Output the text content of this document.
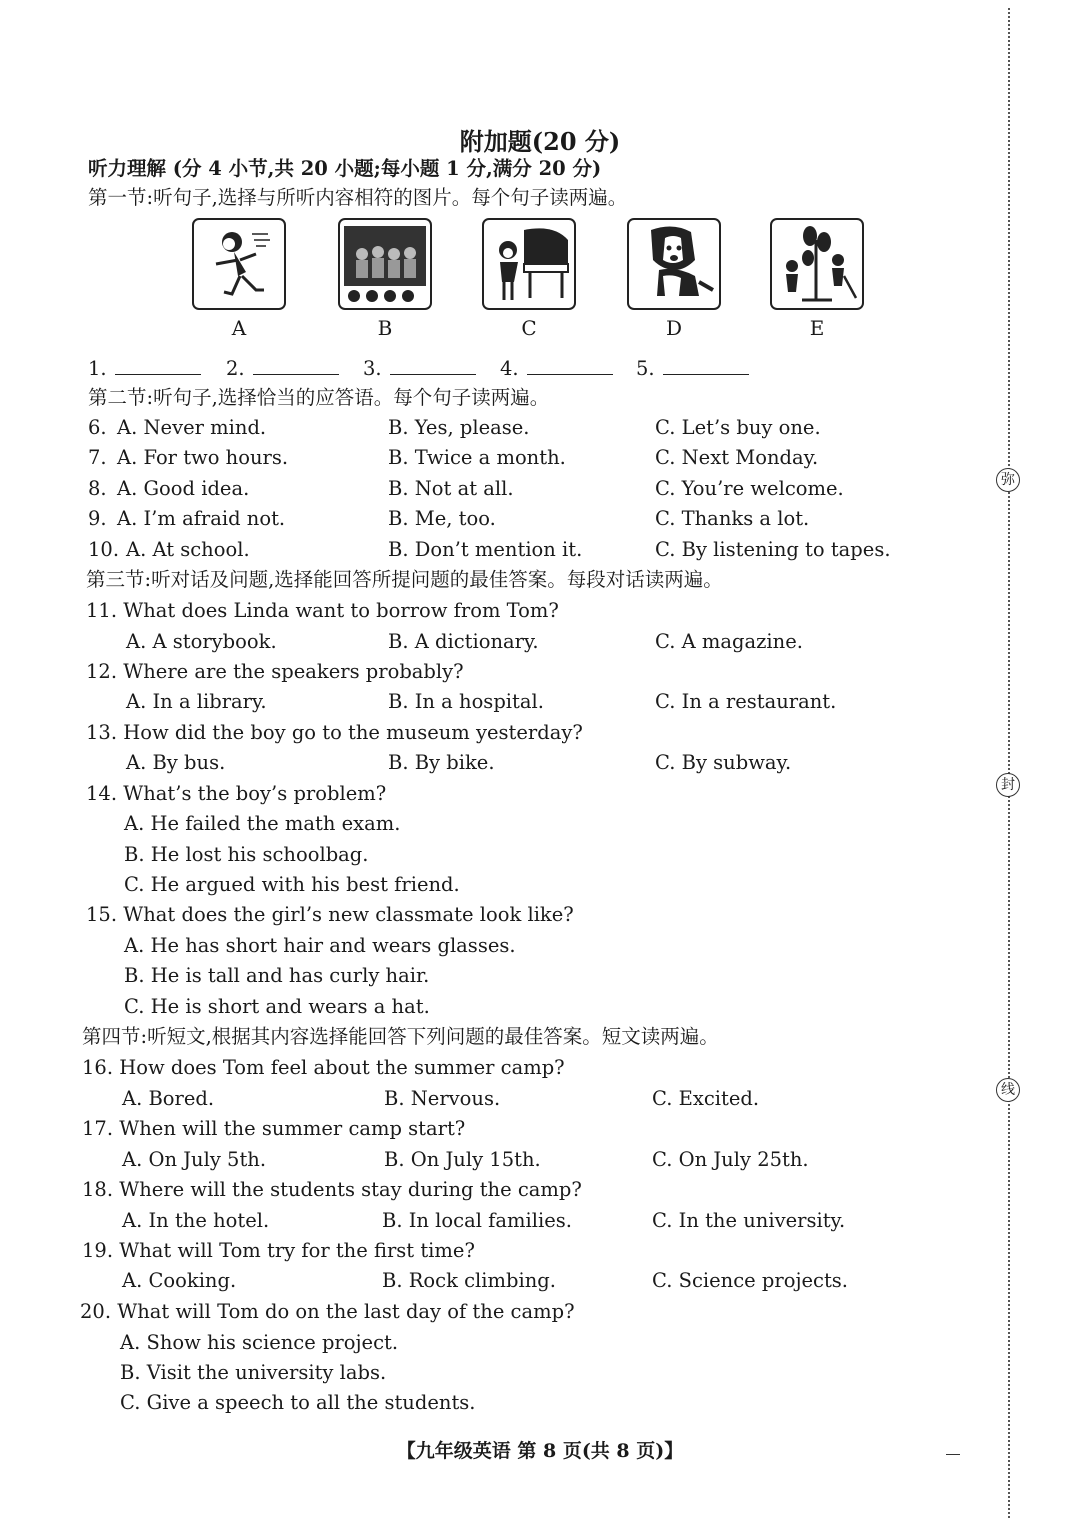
弥
封
线
附加题(20 分)
听力理解 (分 4 小节,共 20 小题;每小题 1 分,满分 20 分)
第一节:听句子,选择与所听内容相符的图片。每个句子读两遍。
A	B	C	D	E
1.	2.	3.	4.	5.
第二节:听句子,选择恰当的应答语。每个句子读两遍。
6. A. Never mind.	B. Yes, please.	C. Let’s buy one.
7. A. For two hours.	B. Twice a month.	C. Next Monday.
8. A. Good idea.	B. Not at all.	C. You’re welcome.
9. A. I’m afraid not.	B. Me, too.	C. Thanks a lot.
10. A. At school.	B. Don’t mention it.	C. By listening to tapes.
第三节:听对话及问题,选择能回答所提问题的最佳答案。每段对话读两遍。
11. What does Linda want to borrow from Tom?
A. A storybook.	B. A dictionary.	C. A magazine.
12. Where are the speakers probably?
A. In a library.	B. In a hospital.	C. In a restaurant.
13. How did the boy go to the museum yesterday?
A. By bus.	B. By bike.	C. By subway.
14. What’s the boy’s problem?
A. He failed the math exam.
B. He lost his schoolbag.
C. He argued with his best friend.
15. What does the girl’s new classmate look like?
A. He has short hair and wears glasses.
B. He is tall and has curly hair.
C. He is short and wears a hat.
第四节:听短文,根据其内容选择能回答下列问题的最佳答案。短文读两遍。
16. How does Tom feel about the summer camp?
A. Bored.	B. Nervous.	C. Excited.
17. When will the summer camp start?
A. On July 5th.	B. On July 15th.	C. On July 25th.
18. Where will the students stay during the camp?
A. In the hotel.	B. In local families.	C. In the university.
19. What will Tom try for the first time?
A. Cooking.	B. Rock climbing.	C. Science projects.
20. What will Tom do on the last day of the camp?
A. Show his science project.
B. Visit the university labs.
C. Give a speech to all the students.
【九年级英语 第 8 页(共 8 页)】
